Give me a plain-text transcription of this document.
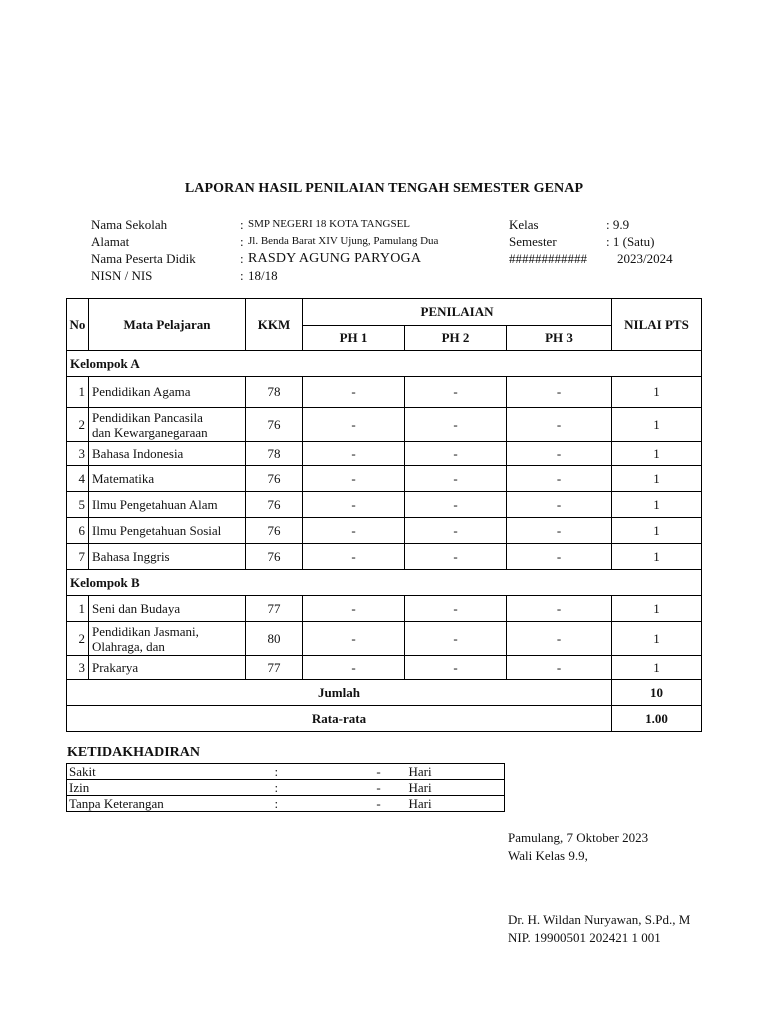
LAPORAN HASIL PENILAIAN TENGAH SEMESTER GENAP
Nama Sekolah	: SMP NEGERI 18 KOTA TANGSEL	Kelas	: 9.9
Alamat	: Jl. Benda Barat XIV Ujung, Pamulang Dua	Semester	: 1 (Satu)
Nama Peserta Didik	: RASDY AGUNG PARYOGA	############ 2023/2024
NISN / NIS	: 18/18
No	Mata Pelajaran	KKM	PENILAIAN			NILAI PTS
			PH 1	PH 2	PH 3	
Kelompok A						
1	Pendidikan Agama	78	-	-	-	1
2	Pendidikan Pancasila
dan Kewarganegaraan	76	-	-	-	1
3	Bahasa Indonesia	78	-	-	-	1
4	Matematika	76	-	-	-	1
5	Ilmu Pengetahuan Alam	76	-	-	-	1
6	Ilmu Pengetahuan Sosial	76	-	-	-	1
7	Bahasa Inggris	76	-	-	-	1
Kelompok B						
1	Seni dan Budaya	77	-	-	-	1
2	Pendidikan Jasmani,
Olahraga, dan	80	-	-	-	1
3	Prakarya	77	-	-	-	1
Jumlah						10
Rata-rata						1.00
KETIDAKHADIRAN
Sakit	:	-	Hari
Izin	:	-	Hari
Tanpa Keterangan	:	-	Hari
Pamulang, 7 Oktober 2023
Wali Kelas 9.9,
Dr. H. Wildan Nuryawan, S.Pd., M
NIP. 19900501 202421 1 001
